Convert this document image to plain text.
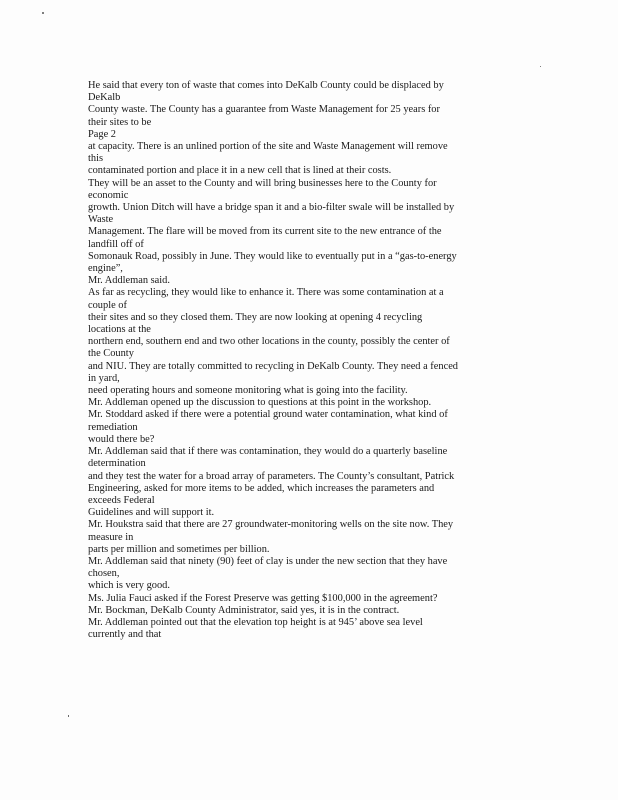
He said that every ton of waste that comes into DeKalb County could be displaced by
DeKalb
County waste. The County has a guarantee from Waste Management for 25 years for
their sites to be
Page 2
at capacity. There is an unlined portion of the site and Waste Management will remove
this
contaminated portion and place it in a new cell that is lined at their costs.
They will be an asset to the County and will bring businesses here to the County for
economic
growth. Union Ditch will have a bridge span it and a bio-filter swale will be installed by
Waste
Management. The flare will be moved from its current site to the new entrance of the
landfill off of
Somonauk Road, possibly in June. They would like to eventually put in a “gas-to-energy
engine”,
Mr. Addleman said.
As far as recycling, they would like to enhance it. There was some contamination at a
couple of
their sites and so they closed them. They are now looking at opening 4 recycling
locations at the
northern end, southern end and two other locations in the county, possibly the center of
the County
and NIU. They are totally committed to recycling in DeKalb County. They need a fenced
in yard,
need operating hours and someone monitoring what is going into the facility.
Mr. Addleman opened up the discussion to questions at this point in the workshop.
Mr. Stoddard asked if there were a potential ground water contamination, what kind of
remediation
would there be?
Mr. Addleman said that if there was contamination, they would do a quarterly baseline
determination
and they test the water for a broad array of parameters. The County’s consultant, Patrick
Engineering, asked for more items to be added, which increases the parameters and
exceeds Federal
Guidelines and will support it.
Mr. Houkstra said that there are 27 groundwater-monitoring wells on the site now. They
measure in
parts per million and sometimes per billion.
Mr. Addleman said that ninety (90) feet of clay is under the new section that they have
chosen,
which is very good.
Ms. Julia Fauci asked if the Forest Preserve was getting $100,000 in the agreement?
Mr. Bockman, DeKalb County Administrator, said yes, it is in the contract.
Mr. Addleman pointed out that the elevation top height is at 945’ above sea level
currently and that
